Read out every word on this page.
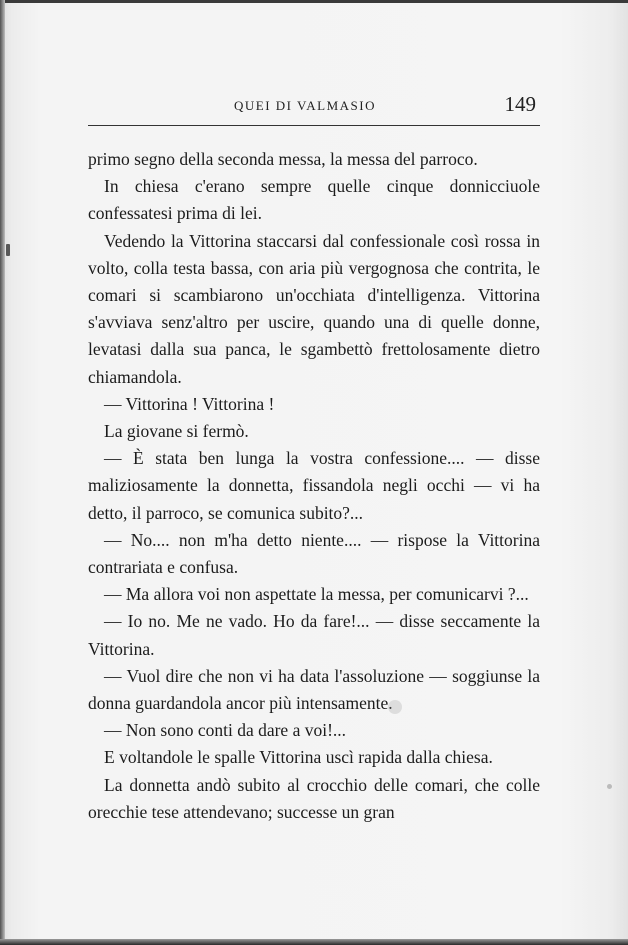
QUEI DI VALMASIO	149

primo segno della seconda messa, la messa del parroco.

In chiesa c'erano sempre quelle cinque donnicciuole confessatesi prima di lei.

Vedendo la Vittorina staccarsi dal confessionale così rossa in volto, colla testa bassa, con aria più vergognosa che contrita, le comari si scambiarono un'occhiata d'intelligenza. Vittorina s'avviava senz'altro per uscire, quando una di quelle donne, levatasi dalla sua panca, le sgambettò frettolosamente dietro chiamandola.

— Vittorina ! Vittorina !

La giovane si fermò.

— È stata ben lunga la vostra confessione.... — disse maliziosamente la donnetta, fissandola negli occhi — vi ha detto, il parroco, se comunica subito?...

— No.... non m'ha detto niente.... — rispose la Vittorina contrariata e confusa.

— Ma allora voi non aspettate la messa, per comunicarvi ?...

— Io no. Me ne vado. Ho da fare!... — disse seccamente la Vittorina.

— Vuol dire che non vi ha data l'assoluzione — soggiunse la donna guardandola ancor più intensamente.

— Non sono conti da dare a voi!...

E voltandole le spalle Vittorina uscì rapida dalla chiesa.

La donnetta andò subito al crocchio delle comari, che colle orecchie tese attendevano; successe un gran
